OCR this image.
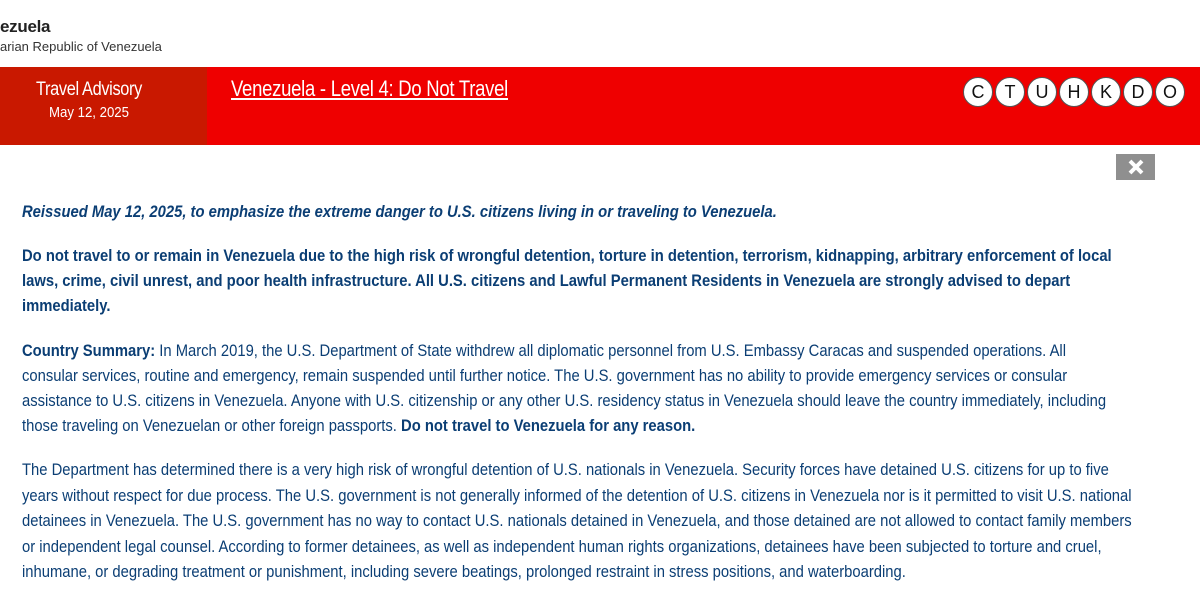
ezuela
arian Republic of Venezuela
Travel Advisory
May 12, 2025
Venezuela - Level 4: Do Not Travel	C	T	U	H	K	D	O

Reissued May 12, 2025, to emphasize the extreme danger to U.S. citizens living in or traveling to Venezuela.

Do not travel to or remain in Venezuela due to the high risk of wrongful detention, torture in detention, terrorism, kidnapping, arbitrary enforcement of local laws, crime, civil unrest, and poor health infrastructure. All U.S. citizens and Lawful Permanent Residents in Venezuela are strongly advised to depart immediately.

Country Summary: In March 2019, the U.S. Department of State withdrew all diplomatic personnel from U.S. Embassy Caracas and suspended operations. All consular services, routine and emergency, remain suspended until further notice. The U.S. government has no ability to provide emergency services or consular assistance to U.S. citizens in Venezuela. Anyone with U.S. citizenship or any other U.S. residency status in Venezuela should leave the country immediately, including those traveling on Venezuelan or other foreign passports. Do not travel to Venezuela for any reason.

The Department has determined there is a very high risk of wrongful detention of U.S. nationals in Venezuela. Security forces have detained U.S. citizens for up to five years without respect for due process. The U.S. government is not generally informed of the detention of U.S. citizens in Venezuela nor is it permitted to visit U.S. national detainees in Venezuela. The U.S. government has no way to contact U.S. nationals detained in Venezuela, and those detained are not allowed to contact family members or independent legal counsel. According to former detainees, as well as independent human rights organizations, detainees have been subjected to torture and cruel, inhumane, or degrading treatment or punishment, including severe beatings, prolonged restraint in stress positions, and waterboarding.
